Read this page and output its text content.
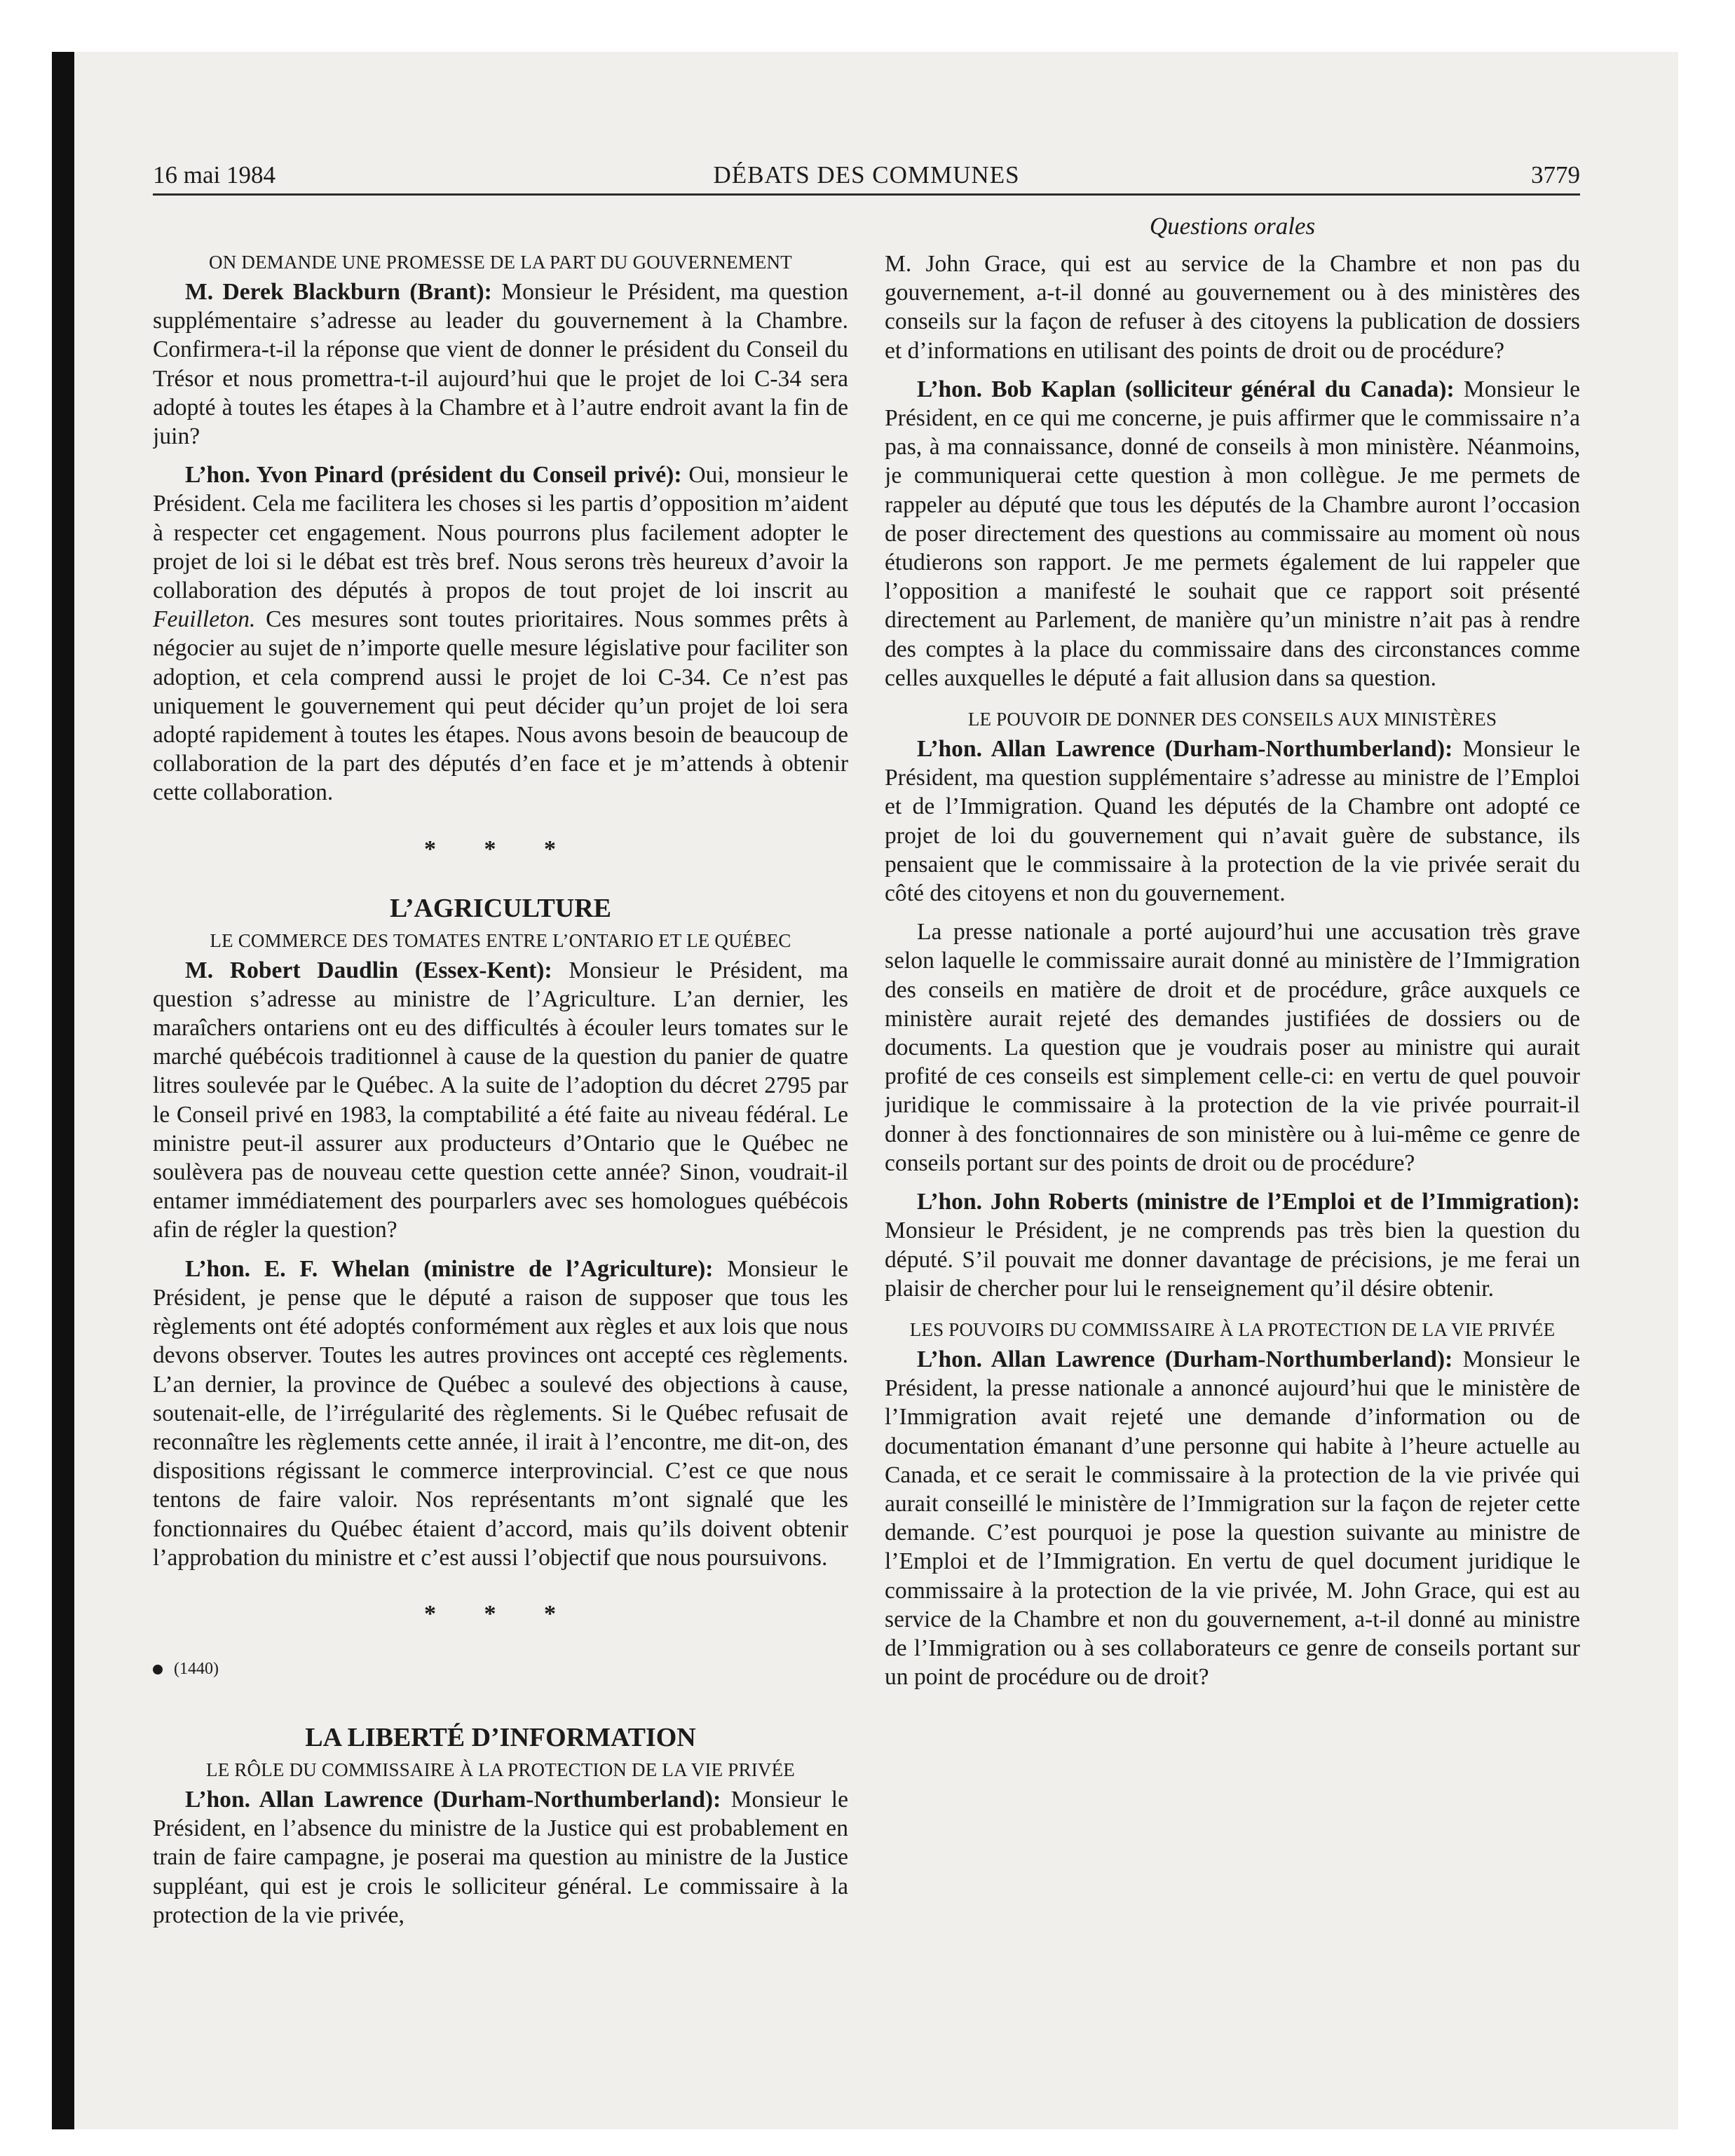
16 mai 1984	DÉBATS DES COMMUNES	3779
Questions orales
ON DEMANDE UNE PROMESSE DE LA PART DU GOUVERNEMENT

M. Derek Blackburn (Brant): Monsieur le Président, ma question supplémentaire s’adresse au leader du gouvernement à la Chambre. Confirmera-t-il la réponse que vient de donner le président du Conseil du Trésor et nous promettra-t-il aujourd’hui que le projet de loi C-34 sera adopté à toutes les étapes à la Chambre et à l’autre endroit avant la fin de juin?

L’hon. Yvon Pinard (président du Conseil privé): Oui, monsieur le Président. Cela me facilitera les choses si les partis d’opposition m’aident à respecter cet engagement. Nous pourrons plus facilement adopter le projet de loi si le débat est très bref. Nous serons très heureux d’avoir la collaboration des députés à propos de tout projet de loi inscrit au Feuilleton. Ces mesures sont toutes prioritaires. Nous sommes prêts à négocier au sujet de n’importe quelle mesure législative pour faciliter son adoption, et cela comprend aussi le projet de loi C-34. Ce n’est pas uniquement le gouvernement qui peut décider qu’un projet de loi sera adopté rapidement à toutes les étapes. Nous avons besoin de beaucoup de collaboration de la part des députés d’en face et je m’attends à obtenir cette collaboration.

* * *
L’AGRICULTURE
LE COMMERCE DES TOMATES ENTRE L’ONTARIO ET LE QUÉBEC

M. Robert Daudlin (Essex-Kent): Monsieur le Président, ma question s’adresse au ministre de l’Agriculture. L’an dernier, les maraîchers ontariens ont eu des difficultés à écouler leurs tomates sur le marché québécois traditionnel à cause de la question du panier de quatre litres soulevée par le Québec. A la suite de l’adoption du décret 2795 par le Conseil privé en 1983, la comptabilité a été faite au niveau fédéral. Le ministre peut-il assurer aux producteurs d’Ontario que le Québec ne soulèvera pas de nouveau cette question cette année? Sinon, voudrait-il entamer immédiatement des pourparlers avec ses homologues québécois afin de régler la question?

L’hon. E. F. Whelan (ministre de l’Agriculture): Monsieur le Président, je pense que le député a raison de supposer que tous les règlements ont été adoptés conformément aux règles et aux lois que nous devons observer. Toutes les autres provinces ont accepté ces règlements. L’an dernier, la province de Québec a soulevé des objections à cause, soutenait-elle, de l’irrégularité des règlements. Si le Québec refusait de reconnaître les règlements cette année, il irait à l’encontre, me dit-on, des dispositions régissant le commerce interprovincial. C’est ce que nous tentons de faire valoir. Nos représentants m’ont signalé que les fonctionnaires du Québec étaient d’accord, mais qu’ils doivent obtenir l’approbation du ministre et c’est aussi l’objectif que nous poursuivons.

* * *
(1440)
LA LIBERTÉ D’INFORMATION
LE RÔLE DU COMMISSAIRE À LA PROTECTION DE LA VIE PRIVÉE

L’hon. Allan Lawrence (Durham-Northumberland): Monsieur le Président, en l’absence du ministre de la Justice qui est probablement en train de faire campagne, je poserai ma question au ministre de la Justice suppléant, qui est je crois le solliciteur général. Le commissaire à la protection de la vie privée,

M. John Grace, qui est au service de la Chambre et non pas du gouvernement, a-t-il donné au gouvernement ou à des ministères des conseils sur la façon de refuser à des citoyens la publication de dossiers et d’informations en utilisant des points de droit ou de procédure?

L’hon. Bob Kaplan (solliciteur général du Canada): Monsieur le Président, en ce qui me concerne, je puis affirmer que le commissaire n’a pas, à ma connaissance, donné de conseils à mon ministère. Néanmoins, je communiquerai cette question à mon collègue. Je me permets de rappeler au député que tous les députés de la Chambre auront l’occasion de poser directement des questions au commissaire au moment où nous étudierons son rapport. Je me permets également de lui rappeler que l’opposition a manifesté le souhait que ce rapport soit présenté directement au Parlement, de manière qu’un ministre n’ait pas à rendre des comptes à la place du commissaire dans des circonstances comme celles auxquelles le député a fait allusion dans sa question.

LE POUVOIR DE DONNER DES CONSEILS AUX MINISTÈRES

L’hon. Allan Lawrence (Durham-Northumberland): Monsieur le Président, ma question supplémentaire s’adresse au ministre de l’Emploi et de l’Immigration. Quand les députés de la Chambre ont adopté ce projet de loi du gouvernement qui n’avait guère de substance, ils pensaient que le commissaire à la protection de la vie privée serait du côté des citoyens et non du gouvernement.

La presse nationale a porté aujourd’hui une accusation très grave selon laquelle le commissaire aurait donné au ministère de l’Immigration des conseils en matière de droit et de procédure, grâce auxquels ce ministère aurait rejeté des demandes justifiées de dossiers ou de documents. La question que je voudrais poser au ministre qui aurait profité de ces conseils est simplement celle-ci: en vertu de quel pouvoir juridique le commissaire à la protection de la vie privée pourrait-il donner à des fonctionnaires de son ministère ou à lui-même ce genre de conseils portant sur des points de droit ou de procédure?

L’hon. John Roberts (ministre de l’Emploi et de l’Immigration): Monsieur le Président, je ne comprends pas très bien la question du député. S’il pouvait me donner davantage de précisions, je me ferai un plaisir de chercher pour lui le renseignement qu’il désire obtenir.

LES POUVOIRS DU COMMISSAIRE À LA PROTECTION DE LA VIE PRIVÉE

L’hon. Allan Lawrence (Durham-Northumberland): Monsieur le Président, la presse nationale a annoncé aujourd’hui que le ministère de l’Immigration avait rejeté une demande d’information ou de documentation émanant d’une personne qui habite à l’heure actuelle au Canada, et ce serait le commissaire à la protection de la vie privée qui aurait conseillé le ministère de l’Immigration sur la façon de rejeter cette demande. C’est pourquoi je pose la question suivante au ministre de l’Emploi et de l’Immigration. En vertu de quel document juridique le commissaire à la protection de la vie privée, M. John Grace, qui est au service de la Chambre et non du gouvernement, a-t-il donné au ministre de l’Immigration ou à ses collaborateurs ce genre de conseils portant sur un point de procédure ou de droit?
